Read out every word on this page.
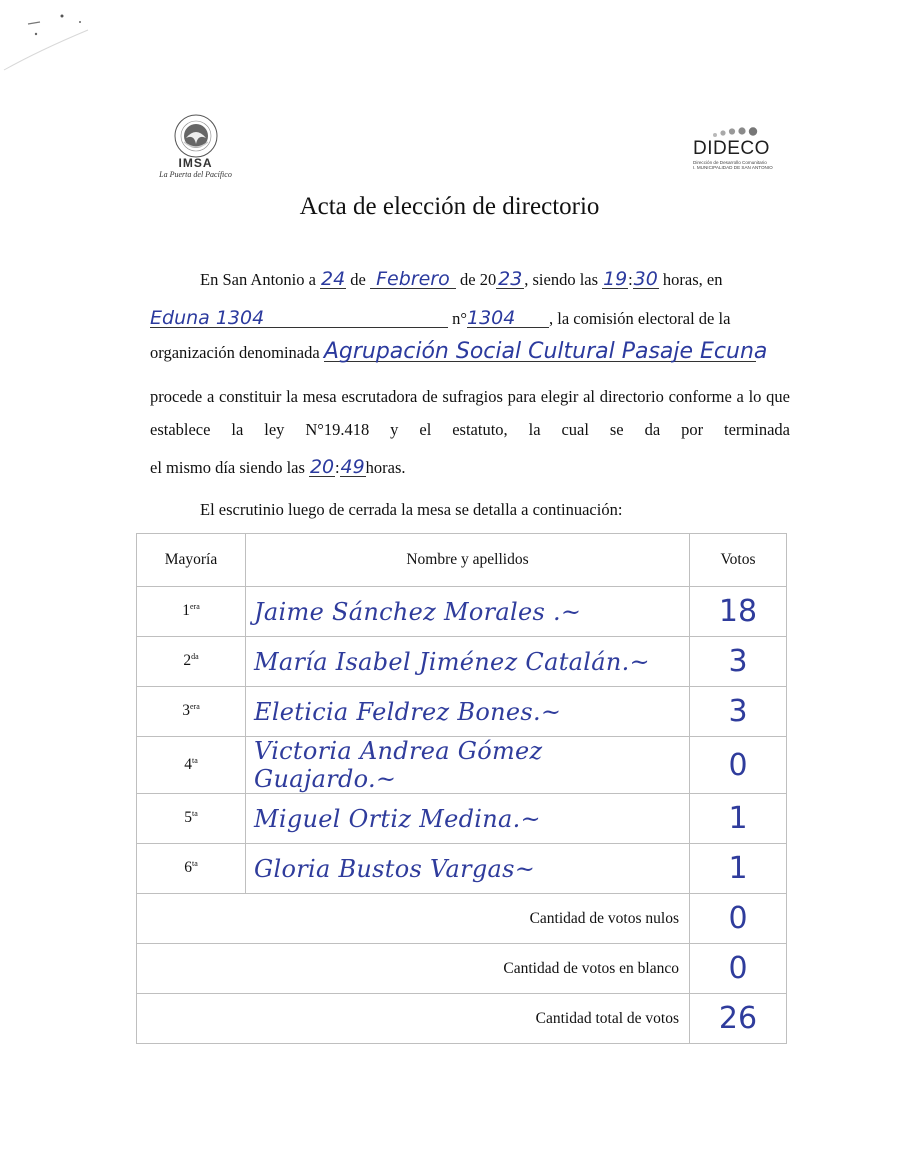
IMSA
La Puerta del Pacífico
DIDECO
Dirección de Desarrollo Comunitario
I. MUNICIPALIDAD DE SAN ANTONIO
Acta de elección de directorio
En San Antonio a 24 de Febrero de 20 23 , siendo las 19:30 horas, en
Eduna 1304	n°1304 , la comisión electoral de la
organización denominada Agrupación Social Cultural Pasaje Ecuna
procede a constituir la mesa escrutadora de sufragios para elegir al directorio conforme a lo que establece la ley N°19.418 y el estatuto, la cual se da por terminada
el mismo día siendo las 20:49horas.
El escrutinio luego de cerrada la mesa se detalla a continuación:
Mayoría	Nombre y apellidos	Votos
$1^{era}$	Jaime Sánchez Morales .~	18
$2^{da}$	María Isabel Jiménez Catalán.~	3
$3^{era}$	Eleticia Feldrez Bones.~	3
$4^{ta}$	Victoria Andrea Gómez Guajardo.~	0
$5^{ta}$	Miguel Ortiz Medina.~	1
$6^{ta}$	Gloria Bustos Vargas~	1
Cantidad de votos nulos		0
Cantidad de votos en blanco		0
Cantidad total de votos		26
